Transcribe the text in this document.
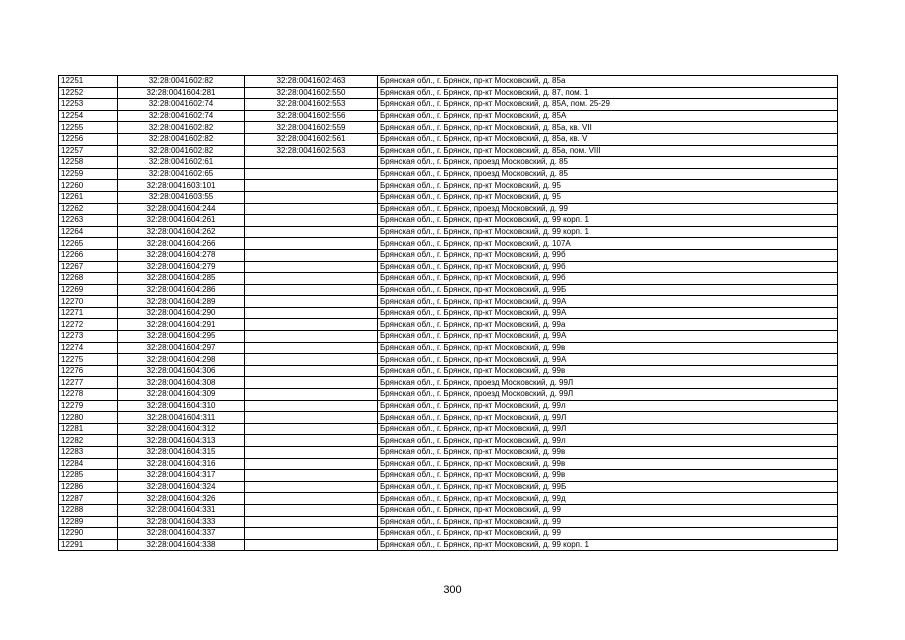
12251	32:28:0041602:82	32:28:0041602:463	Брянская обл., г. Брянск, пр-кт Московский, д. 85а
12252	32:28:0041604:281	32:28:0041602:550	Брянская обл., г. Брянск, пр-кт Московский, д. 87, пом. 1
12253	32:28:0041602:74	32:28:0041602:553	Брянская обл., г. Брянск, пр-кт Московский, д. 85А, пом. 25-29
12254	32:28:0041602:74	32:28:0041602:556	Брянская обл., г. Брянск, пр-кт Московский, д. 85А
12255	32:28:0041602:82	32:28:0041602:559	Брянская обл., г. Брянск, пр-кт Московский, д. 85а, кв. VII
12256	32:28:0041602:82	32:28:0041602:561	Брянская обл., г. Брянск, пр-кт Московский, д. 85а, кв. V
12257	32:28:0041602:82	32:28:0041602:563	Брянская обл., г. Брянск, пр-кт Московский, д. 85а, пом. VIII
12258	32:28:0041602:61		Брянская обл., г. Брянск, проезд Московский, д. 85
12259	32:28:0041602:65		Брянская обл., г. Брянск, проезд Московский, д. 85
12260	32:28:0041603:101		Брянская обл., г. Брянск, пр-кт Московский, д. 95
12261	32:28:0041603:55		Брянская обл., г. Брянск, пр-кт Московский, д. 95
12262	32:28:0041604:244		Брянская обл., г. Брянск, проезд Московский, д. 99
12263	32:28:0041604:261		Брянская обл., г. Брянск, пр-кт Московский, д. 99 корп. 1
12264	32:28:0041604:262		Брянская обл., г. Брянск, пр-кт Московский, д. 99 корп. 1
12265	32:28:0041604:266		Брянская обл., г. Брянск, пр-кт Московский, д. 107А
12266	32:28:0041604:278		Брянская обл., г. Брянск, пр-кт Московский, д. 99б
12267	32:28:0041604:279		Брянская обл., г. Брянск, пр-кт Московский, д. 99б
12268	32:28:0041604:285		Брянская обл., г. Брянск, пр-кт Московский, д. 99б
12269	32:28:0041604:286		Брянская обл., г. Брянск, пр-кт Московский, д. 99Б
12270	32:28:0041604:289		Брянская обл., г. Брянск, пр-кт Московский, д. 99А
12271	32:28:0041604:290		Брянская обл., г. Брянск, пр-кт Московский, д. 99А
12272	32:28:0041604:291		Брянская обл., г. Брянск, пр-кт Московский, д. 99а
12273	32:28:0041604:295		Брянская обл., г. Брянск, пр-кт Московский, д. 99А
12274	32:28:0041604:297		Брянская обл., г. Брянск, пр-кт Московский, д. 99в
12275	32:28:0041604:298		Брянская обл., г. Брянск, пр-кт Московский, д. 99А
12276	32:28:0041604:306		Брянская обл., г. Брянск, пр-кт Московский, д. 99в
12277	32:28:0041604:308		Брянская обл., г. Брянск, проезд Московский, д. 99Л
12278	32:28:0041604:309		Брянская обл., г. Брянск, проезд Московский, д. 99Л
12279	32:28:0041604:310		Брянская обл., г. Брянск, пр-кт Московский, д. 99л
12280	32:28:0041604:311		Брянская обл., г. Брянск, пр-кт Московский, д. 99Л
12281	32:28:0041604:312		Брянская обл., г. Брянск, пр-кт Московский, д. 99Л
12282	32:28:0041604:313		Брянская обл., г. Брянск, пр-кт Московский, д. 99л
12283	32:28:0041604:315		Брянская обл., г. Брянск, пр-кт Московский, д. 99в
12284	32:28:0041604:316		Брянская обл., г. Брянск, пр-кт Московский, д. 99в
12285	32:28:0041604:317		Брянская обл., г. Брянск, пр-кт Московский, д. 99в
12286	32:28:0041604:324		Брянская обл., г. Брянск, пр-кт Московский, д. 99Б
12287	32:28:0041604:326		Брянская обл., г. Брянск, пр-кт Московский, д. 99д
12288	32:28:0041604:331		Брянская обл., г. Брянск, пр-кт Московский, д. 99
12289	32:28:0041604:333		Брянская обл., г. Брянск, пр-кт Московский, д. 99
12290	32:28:0041604:337		Брянская обл., г. Брянск, пр-кт Московский, д. 99
12291	32:28:0041604:338		Брянская обл., г. Брянск, пр-кт Московский, д. 99 корп. 1
300
